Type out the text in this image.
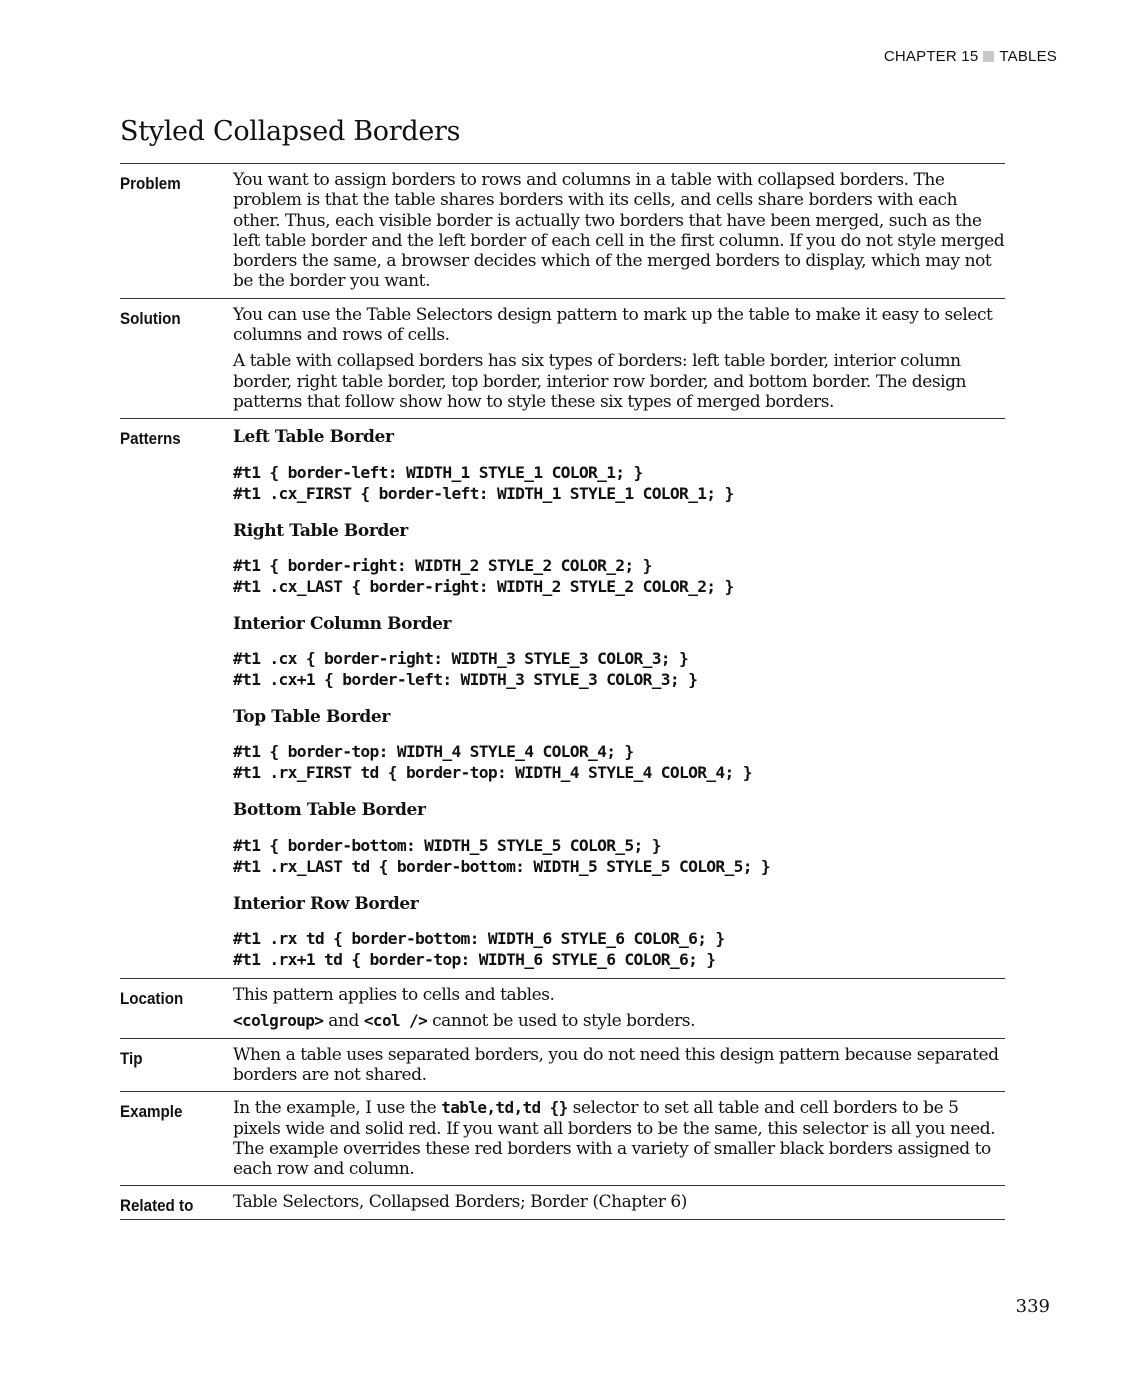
CHAPTER 15 TABLES
Styled Collapsed Borders
Problem	You want to assign borders to rows and columns in a table with collapsed borders. The problem is that the table shares borders with its cells, and cells share borders with each other. Thus, each visible border is actually two borders that have been merged, such as the left table border and the left border of each cell in the first column. If you do not style merged borders the same, a browser decides which of the merged borders to display, which may not be the border you want.

Solution	You can use the Table Selectors design pattern to mark up the table to make it easy to select columns and rows of cells.

A table with collapsed borders has six types of borders: left table border, interior column border, right table border, top border, interior row border, and bottom border. The design patterns that follow show how to style these six types of merged borders.

Patterns	Left Table Border
#t1 { border-left: WIDTH_1 STYLE_1 COLOR_1; }
#t1 .cx_FIRST { border-left: WIDTH_1 STYLE_1 COLOR_1; }
Right Table Border
#t1 { border-right: WIDTH_2 STYLE_2 COLOR_2; }
#t1 .cx_LAST { border-right: WIDTH_2 STYLE_2 COLOR_2; }
Interior Column Border
#t1 .cx { border-right: WIDTH_3 STYLE_3 COLOR_3; }
#t1 .cx+1 { border-left: WIDTH_3 STYLE_3 COLOR_3; }
Top Table Border
#t1 { border-top: WIDTH_4 STYLE_4 COLOR_4; }
#t1 .rx_FIRST td { border-top: WIDTH_4 STYLE_4 COLOR_4; }
Bottom Table Border
#t1 { border-bottom: WIDTH_5 STYLE_5 COLOR_5; }
#t1 .rx_LAST td { border-bottom: WIDTH_5 STYLE_5 COLOR_5; }
Interior Row Border
#t1 .rx td { border-bottom: WIDTH_6 STYLE_6 COLOR_6; }
#t1 .rx+1 td { border-top: WIDTH_6 STYLE_6 COLOR_6; }
Location	This pattern applies to cells and tables.

<colgroup> and <col /> cannot be used to style borders.

Tip	When a table uses separated borders, you do not need this design pattern because separated borders are not shared.

Example	In the example, I use the table,td,td {} selector to set all table and cell borders to be 5 pixels wide and solid red. If you want all borders to be the same, this selector is all you need. The example overrides these red borders with a variety of smaller black borders assigned to each row and column.

Related to	Table Selectors, Collapsed Borders; Border (Chapter 6)

339
